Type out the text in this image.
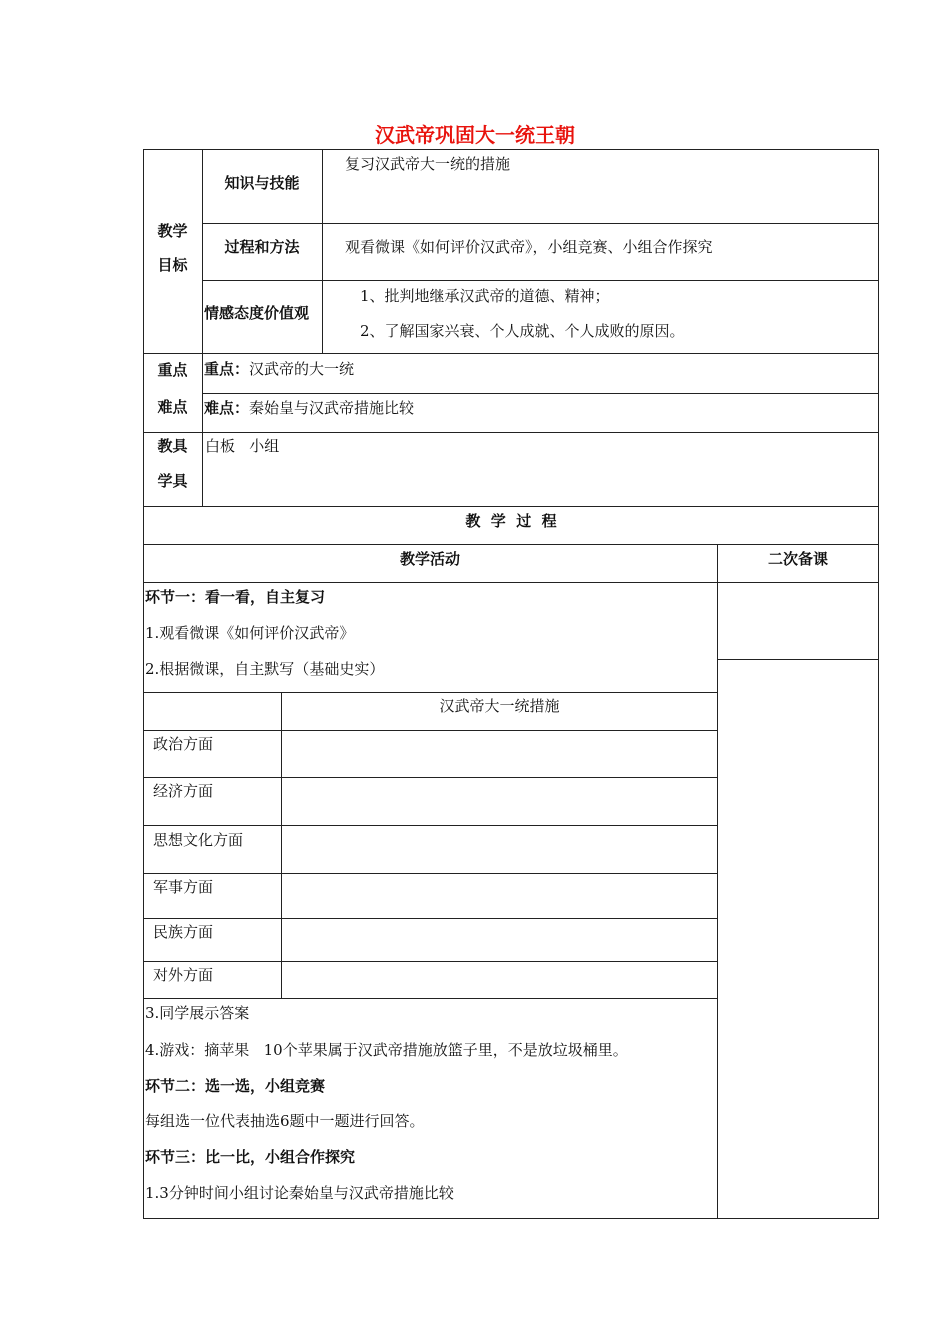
汉武帝巩固大一统王朝
教学
目标
知识与技能
复习汉武帝大一统的措施
过程和方法	观看微课《如何评价汉武帝》，小组竞赛、小组合作探究
情感态度价值观
1、批判地继承汉武帝的道德、精神；
2、了解国家兴衰、个人成就、个人成败的原因。
重点
难点
重点：汉武帝的大一统
难点：秦始皇与汉武帝措施比较
教具
学具
白板   小组
教  学  过  程
教学活动	二次备课
环节一：看一看，自主复习
1.观看微课《如何评价汉武帝》
2.根据微课，自主默写（基础史实）
汉武帝大一统措施
政治方面
经济方面
思想文化方面
军事方面
民族方面
对外方面
3.同学展示答案
4.游戏：摘苹果   10个苹果属于汉武帝措施放篮子里，不是放垃圾桶里。
环节二：选一选，小组竞赛
每组选一位代表抽选6题中一题进行回答。
环节三：比一比，小组合作探究
1.3分钟时间小组讨论秦始皇与汉武帝措施比较
